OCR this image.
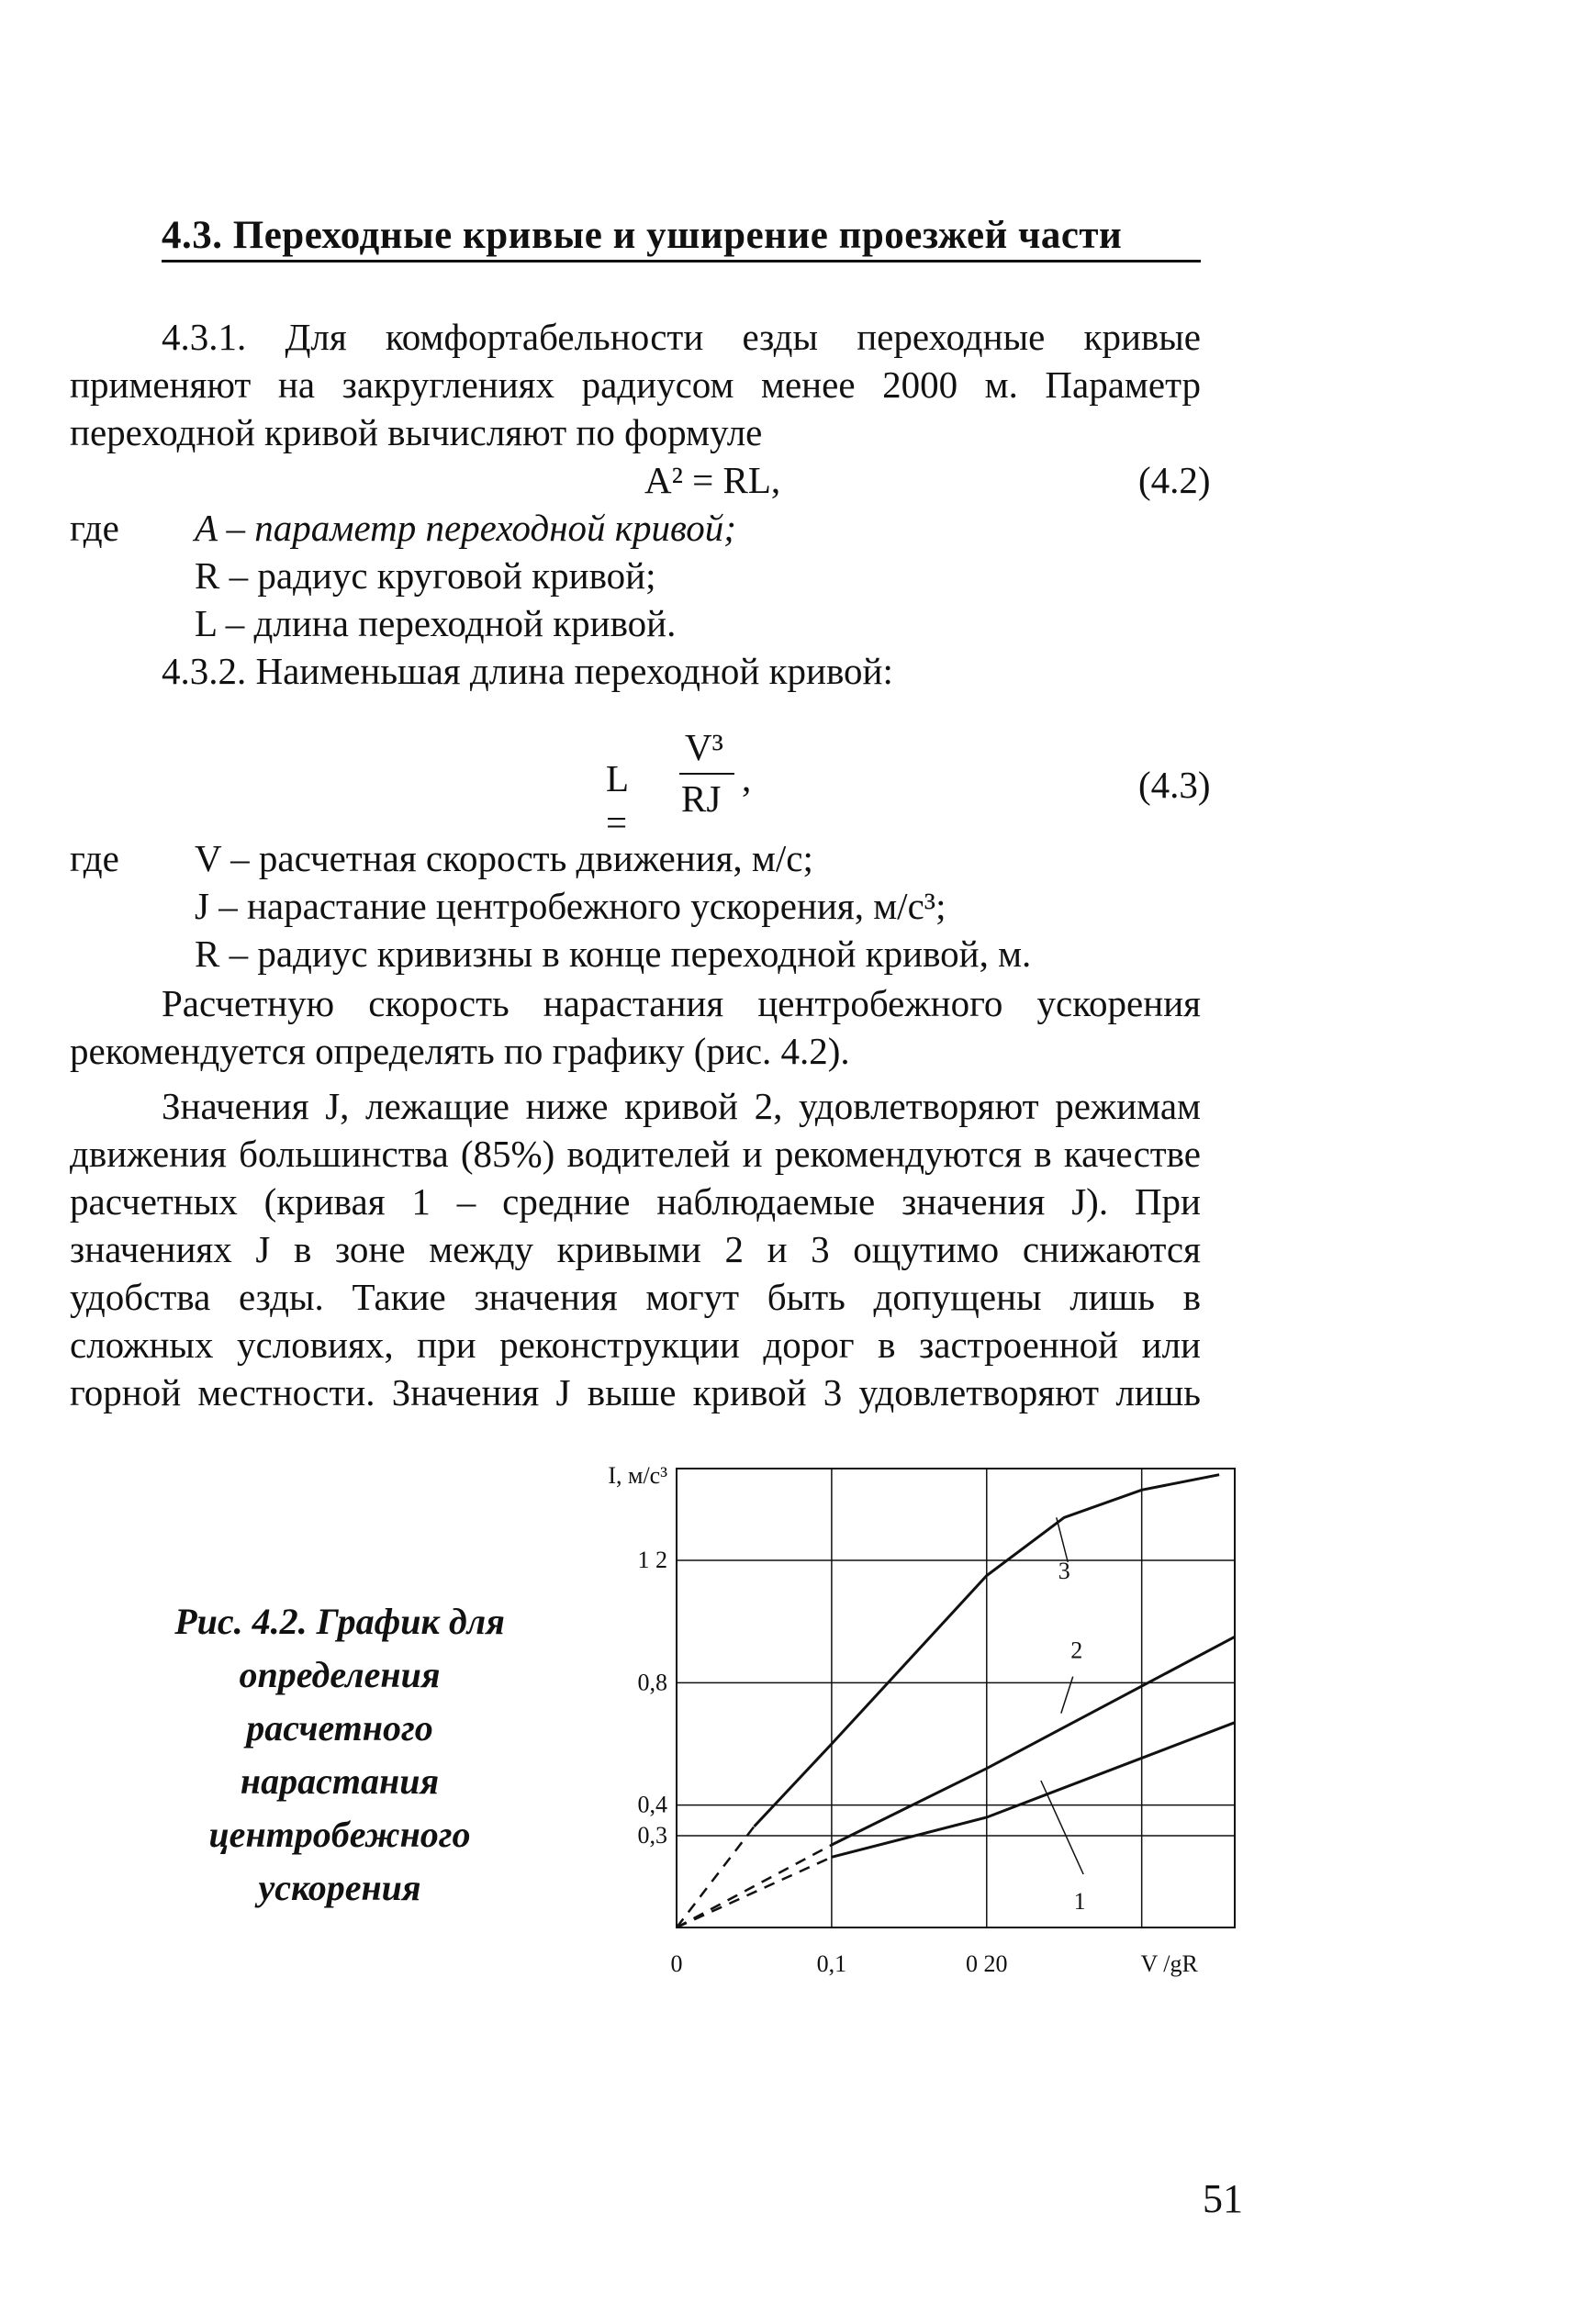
4.3. Переходные кривые и уширение проезжей части
4.3.1. Для комфортабельности езды переходные кривые
применяют на закруглениях радиусом менее 2000 м. Параметр
переходной кривой вычисляют по формуле
A² = RL,	(4.2)
где A – параметр переходной кривой;
R – радиус круговой кривой;
L – длина переходной кривой.
4.3.2. Наименьшая длина переходной кривой:
L =
V³
RJ ,	(4.3)
где V – расчетная скорость движения, м/с;
J – нарастание центробежного ускорения, м/с³;
R – радиус кривизны в конце переходной кривой, м.
Расчетную скорость нарастания центробежного ускорения
рекомендуется определять по графику (рис. 4.2).
Значения J, лежащие ниже кривой 2, удовлетворяют режимам
движения большинства (85%) водителей и рекомендуются в качестве
расчетных (кривая 1 – средние наблюдаемые значения J). При
значениях J в зоне между кривыми 2 и 3 ощутимо снижаются
удобства езды. Такие значения могут быть допущены лишь в
сложных условиях, при реконструкции дорог в застроенной или
горной местности. Значения J выше кривой 3 удовлетворяют лишь
Рис. 4.2. График для
определения
расчетного
нарастания
центробежного
ускорения
0	0,1	0 20
0,3
0,4
0,8
1 2
I, м/с³
V /gR
1
2
3
51
